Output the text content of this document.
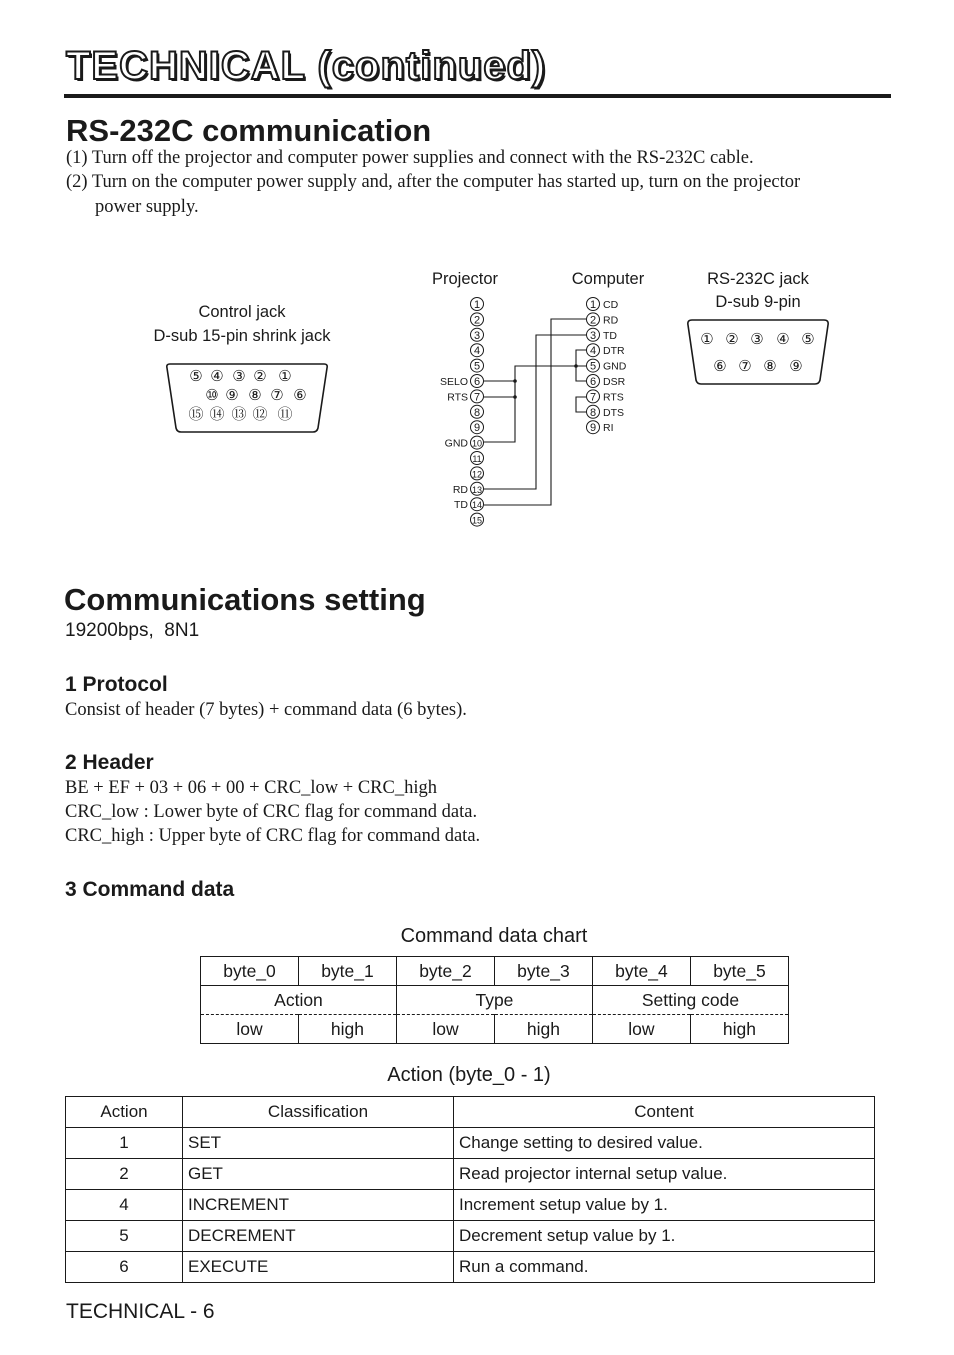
TECHNICAL (continued)
RS-232C communication
(1) Turn off the projector and computer power supplies and connect with the RS-232C cable.
(2) Turn on the computer power supply and, after the computer has started up, turn on the projector
power supply.
Control jack
D-sub 15-pin shrink jack
Projector	Computer	RS-232C jack
D-sub 9-pin
⑤ ④ ③ ② ①
⑩ ⑨ ⑧ ⑦ ⑥
⑮ ⑭ ⑬ ⑫ ⑪
① ② ③ ④ ⑤
⑥ ⑦ ⑧ ⑨
1
2
3
4
5
6
SELO
7
RTS
8
9
10
GND
11
12
13
RD
14
TD
15
1 CD
2 RD
3 TD
4 DTR
5 GND
6 DSR
7 RTS
8 DTS
9 RI
Communications setting
19200bps,  8N1
1 Protocol
Consist of header (7 bytes) + command data (6 bytes).
2 Header
BE + EF + 03 + 06 + 00 + CRC_low + CRC_high
CRC_low : Lower byte of CRC flag for command data.
CRC_high : Upper byte of CRC flag for command data.
3 Command data
Command data chart
byte_0	byte_1	byte_2	byte_3	byte_4	byte_5
Action		Type		Setting code	
low	high	low	high	low	high
Action (byte_0 - 1)
Action	Classification	Content
1	SET	Change setting to desired value.
2	GET	Read projector internal setup value.
4	INCREMENT	Increment setup value by 1.
5	DECREMENT	Decrement setup value by 1.
6	EXECUTE	Run a command.
TECHNICAL - 6
